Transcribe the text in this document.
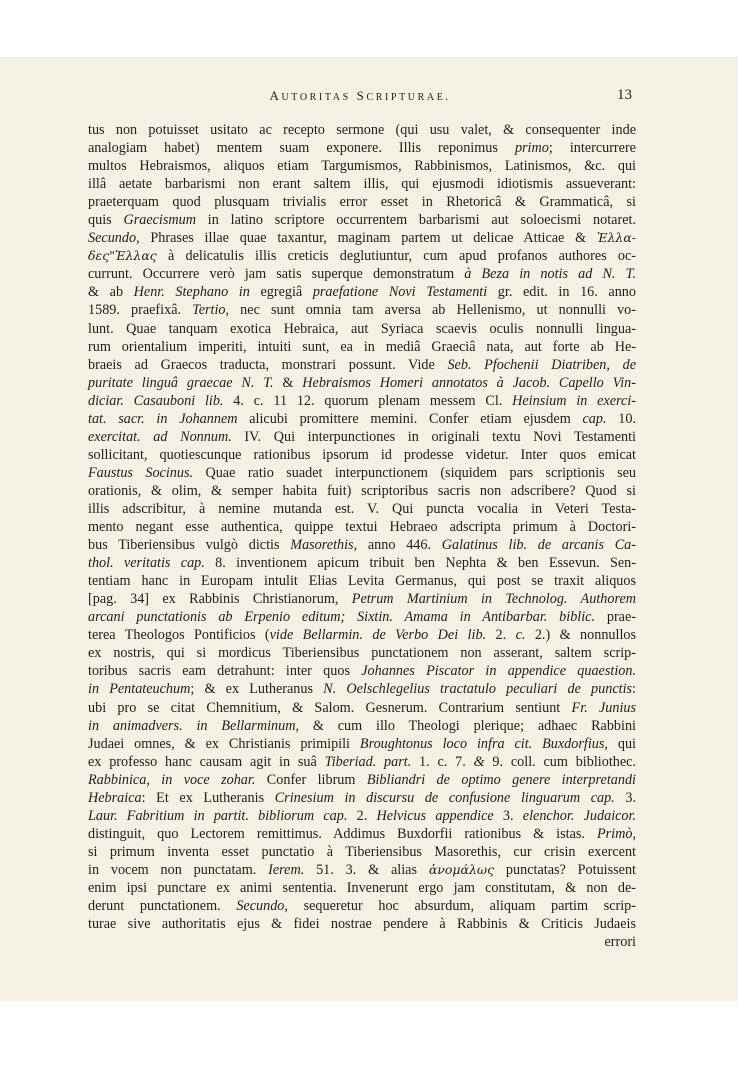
AUTORITAS SCRIPTURAE.	13
tus non potuisset usitato ac recepto sermone (qui usu valet, & consequenter inde
analogiam habet) mentem suam exponere. Illis reponimus primo; intercurrere
multos Hebraismos, aliquos etiam Targumismos, Rabbinismos, Latinismos, &c. qui
illâ aetate barbarismi non erant saltem illis, qui ejusmodi idiotismis assueverant:
praeterquam quod plusquam trivialis error esset in Rhetoricâ & Grammaticâ, si
quis Graecismum in latino scriptore occurrentem barbarismi aut soloecismi notaret.
Secundo, Phrases illae quae taxantur, maginam partem ut delicae Atticae & Ἑλλα-
δες"Ἑλλας à delicatulis illis creticis deglutiuntur, cum apud profanos authores oc-
currunt. Occurrere verò jam satis superque demonstratum à Beza in notis ad N. T.
& ab Henr. Stephano in egregiâ praefatione Novi Testamenti gr. edit. in 16. anno
1589. praefixâ. Tertio, nec sunt omnia tam aversa ab Hellenismo, ut nonnulli vo-
lunt. Quae tanquam exotica Hebraica, aut Syriaca scaevis oculis nonnulli lingua-
rum orientalium imperiti, intuiti sunt, ea in mediâ Graeciâ nata, aut forte ab He-
braeis ad Graecos traducta, monstrari possunt. Vide Seb. Pfochenii Diatriben, de
puritate linguâ graecae N. T. & Hebraismos Homeri annotatos à Jacob. Capello Vin-
diciar. Casauboni lib. 4. c. 11 12. quorum plenam messem Cl. Heinsium in exerci-
tat. sacr. in Johannem alicubi promittere memini. Confer etiam ejusdem cap. 10.
exercitat. ad Nonnum. IV. Qui interpunctiones in originali textu Novi Testamenti
sollicitant, quotiescunque rationibus ipsorum id prodesse videtur. Inter quos emicat
Faustus Socinus. Quae ratio suadet interpunctionem (siquidem pars scriptionis seu
orationis, & olim, & semper habita fuit) scriptoribus sacris non adscribere? Quod si
illis adscribitur, à nemine mutanda est. V. Qui puncta vocalia in Veteri Testa-
mento negant esse authentica, quippe textui Hebraeo adscripta primum à Doctori-
bus Tiberiensibus vulgò dictis Masorethis, anno 446. Galatinus lib. de arcanis Ca-
thol. veritatis cap. 8. inventionem apicum tribuit ben Nephta & ben Essevun. Sen-
tentiam hanc in Europam intulit Elias Levita Germanus, qui post se traxit aliquos
[pag. 34] ex Rabbinis Christianorum, Petrum Martinium in Technolog. Authorem
arcani punctationis ab Erpenio editum; Sixtin. Amama in Antibarbar. biblic. prae-
terea Theologos Pontificios (vide Bellarmin. de Verbo Dei lib. 2. c. 2.) & nonnullos
ex nostris, qui si mordicus Tiberiensibus punctationem non asserant, saltem scrip-
toribus sacris eam detrahunt: inter quos Johannes Piscator in appendice quaestion.
in Pentateuchum; & ex Lutheranus N. Oelschlegelius tractatulo peculiari de punctis:
ubi pro se citat Chemnitium, & Salom. Gesnerum. Contrarium sentiunt Fr. Junius
in animadvers. in Bellarminum, & cum illo Theologi plerique; adhaec Rabbini
Judaei omnes, & ex Christianis primipili Broughtonus loco infra cit. Buxdorfius, qui
ex professo hanc causam agit in suâ Tiberiad. part. 1. c. 7. & 9. coll. cum bibliothec.
Rabbinica, in voce zohar. Confer librum Bibliandri de optimo genere interpretandi
Hebraica: Et ex Lutheranis Crinesium in discursu de confusione linguarum cap. 3.
Laur. Fabritium in partit. bibliorum cap. 2. Helvicus appendice 3. elenchor. Judaicor.
distinguit, quo Lectorem remittimus. Addimus Buxdorfii rationibus & istas. Primò,
si primum inventa esset punctatio à Tiberiensibus Masorethis, cur crisin exercent
in vocem non punctatam. Ierem. 51. 3. & alias ἀνομάλως punctatas? Potuissent
enim ipsi punctare ex animi sententia. Invenerunt ergo jam constitutam, & non de-
derunt punctationem. Secundo, sequeretur hoc absurdum, aliquam partim scrip-
turae sive authoritatis ejus & fidei nostrae pendere à Rabbinis & Criticis Judaeis
errori
